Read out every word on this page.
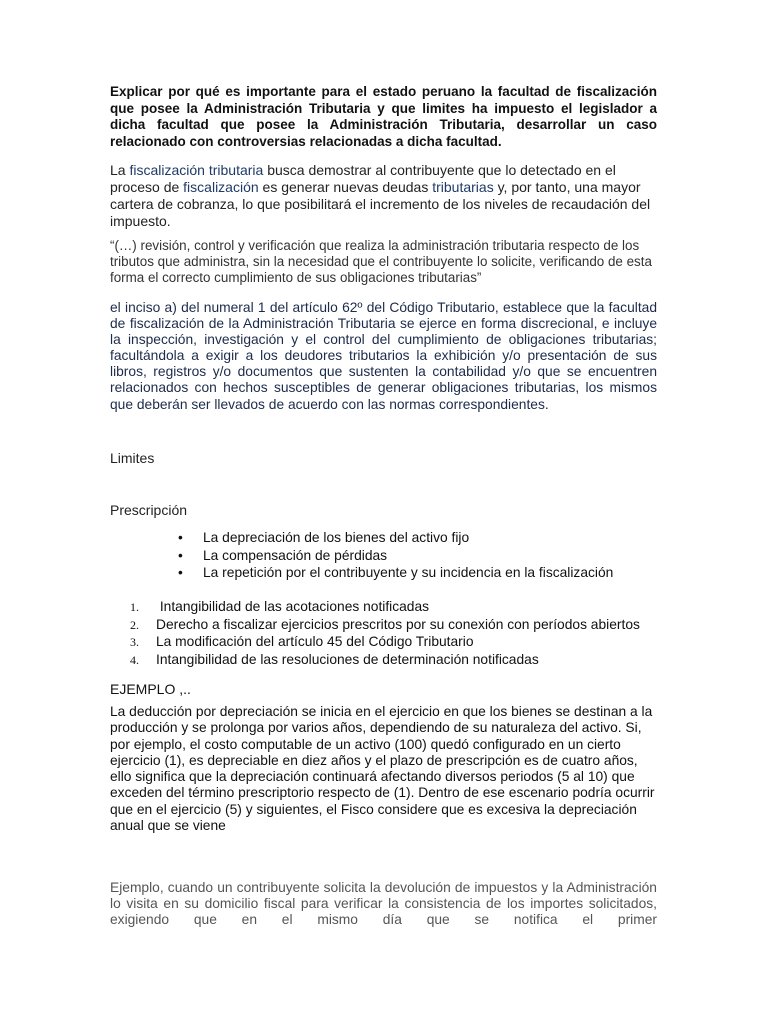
Explicar por qué es importante para el estado peruano la facultad de fiscalización que posee la Administración Tributaria y que limites ha impuesto el legislador a dicha facultad que posee la Administración Tributaria, desarrollar un caso relacionado con controversias relacionadas a dicha facultad.
La fiscalización tributaria busca demostrar al contribuyente que lo detectado en el proceso de fiscalización es generar nuevas deudas tributarias y, por tanto, una mayor cartera de cobranza, lo que posibilitará el incremento de los niveles de recaudación del impuesto.
“(…) revisión, control y verificación que realiza la administración tributaria respecto de los tributos que administra, sin la necesidad que el contribuyente lo solicite, verificando de esta forma el correcto cumplimiento de sus obligaciones tributarias”
el inciso a) del numeral 1 del artículo 62º del Código Tributario, establece que la facultad de fiscalización de la Administración Tributaria se ejerce en forma discrecional, e incluye la inspección, investigación y el control del cumplimiento de obligaciones tributarias; facultándola a exigir a los deudores tributarios la exhibición y/o presentación de sus libros, registros y/o documentos que sustenten la contabilidad y/o que se encuentren relacionados con hechos susceptibles de generar obligaciones tributarias, los mismos que deberán ser llevados de acuerdo con las normas correspondientes.
Limites
Prescripción
• La depreciación de los bienes del activo fijo
• La compensación de pérdidas
• La repetición por el contribuyente y su incidencia en la fiscalización
1. Intangibilidad de las acotaciones notificadas
2. Derecho a fiscalizar ejercicios prescritos por su conexión con períodos abiertos
3. La modificación del artículo 45 del Código Tributario
4. Intangibilidad de las resoluciones de determinación notificadas
EJEMPLO ,..
La deducción por depreciación se inicia en el ejercicio en que los bienes se destinan a la producción y se prolonga por varios años, dependiendo de su naturaleza del activo. Si, por ejemplo, el costo computable de un activo (100) quedó configurado en un cierto ejercicio (1), es depreciable en diez años y el plazo de prescripción es de cuatro años, ello significa que la depreciación continuará afectando diversos periodos (5 al 10) que exceden del término prescriptorio respecto de (1). Dentro de ese escenario podría ocurrir que en el ejercicio (5) y siguientes, el Fisco considere que es excesiva la depreciación anual que se viene
Ejemplo, cuando un contribuyente solicita la devolución de impuestos y la Administración lo visita en su domicilio fiscal para verificar la consistencia de los importes solicitados, exigiendo que en el mismo día que se notifica el primer
